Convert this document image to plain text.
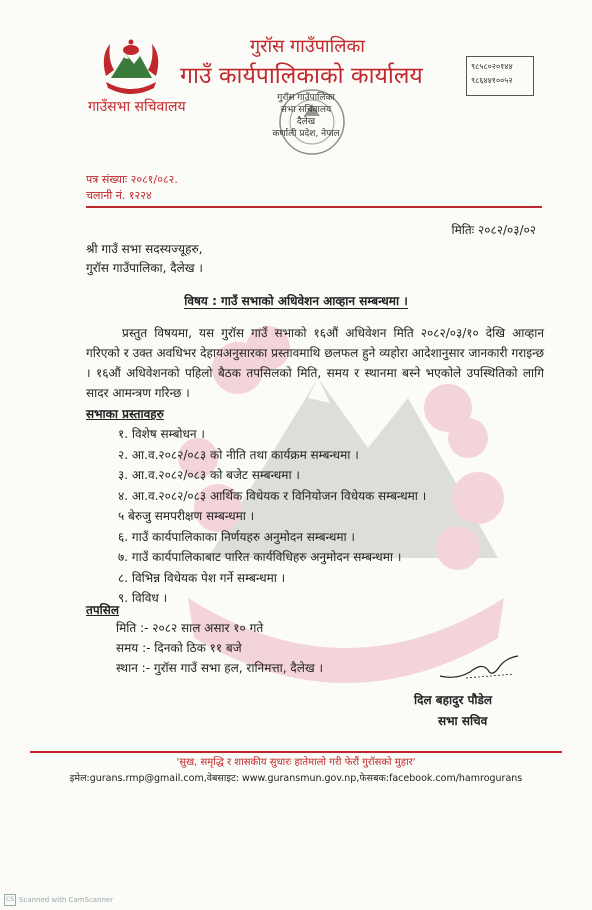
गुरॉस गाउँपालिका
गाउँ कार्यपालिकाको कार्यालय
गाउँसभा सचिवालय
९८५८०२०१४४
९८६४४१००५२
गुरॉस गाउँपालिका
सभा सचिवालय
दैलेख
कर्णाली प्रदेश, नेपाल
पत्र संख्याः २०८१/०८२.
चलानी नं. १२२४
मितिः २०८२/०३/०२
श्री गाउँ सभा सदस्यज्यूहरु,
गुरॉस गाउँपालिका, दैलेख ।
विषय : गाउँ सभाको अधिवेशन आव्हान सम्बन्धमा ।
प्रस्तुत विषयमा, यस गुरॉस गाउँ सभाको १६औं अधिवेशन मिति २०८२/०३/१० देखि आव्हान गरिएको र उक्त अवधिभर देहायअनुसारका प्रस्तावमाथि छलफल हुने व्यहोरा आदेशानुसार जानकारी गराइन्छ । १६औं अधिवेशनको पहिलो बैठक तपसिलको मिति, समय र स्थानमा बस्ने भएकोले उपस्थितिको लागि सादर आमन्त्रण गरिन्छ ।
सभाका प्रस्तावहरु
१. विशेष सम्बोधन ।
२. आ.व.२०८२/०८३ को नीति तथा कार्यक्रम सम्बन्धमा ।
३. आ.व.२०८२/०८३ को बजेट सम्बन्धमा ।
४. आ.व.२०८२/०८३ आर्थिक विधेयक र विनियोजन विधेयक सम्बन्धमा ।
५ बेरुजु समपरीक्षण सम्बन्धमा ।
६. गाउँ कार्यपालिकाका निर्णयहरु अनुमोदन सम्बन्धमा ।
७. गाउँ कार्यपालिकाबाट पारित कार्यविधिहरु अनुमोदन सम्बन्धमा ।
८. विभिन्न विधेयक पेश गर्ने सम्बन्धमा ।
९. विविध ।
तपसिल
मिति :- २०८२ साल असार १० गते
समय :- दिनको ठिक ११ बजे
स्थान :- गुरॉस गाउँ सभा हल, रानिमत्ता, दैलेख ।
दिल बहादुर पौडेल
सभा सचिव
'सुख, समृद्धि र शासकीय सुधारः हातेमालो गरी फेरौं गुरॉसको मुहार'
इमेल:gurans.rmp@gmail.com,वेबसाइट: www.guransmun.gov.np,फेसबक:facebook.com/hamrogurans
CS Scanned with CamScanner
